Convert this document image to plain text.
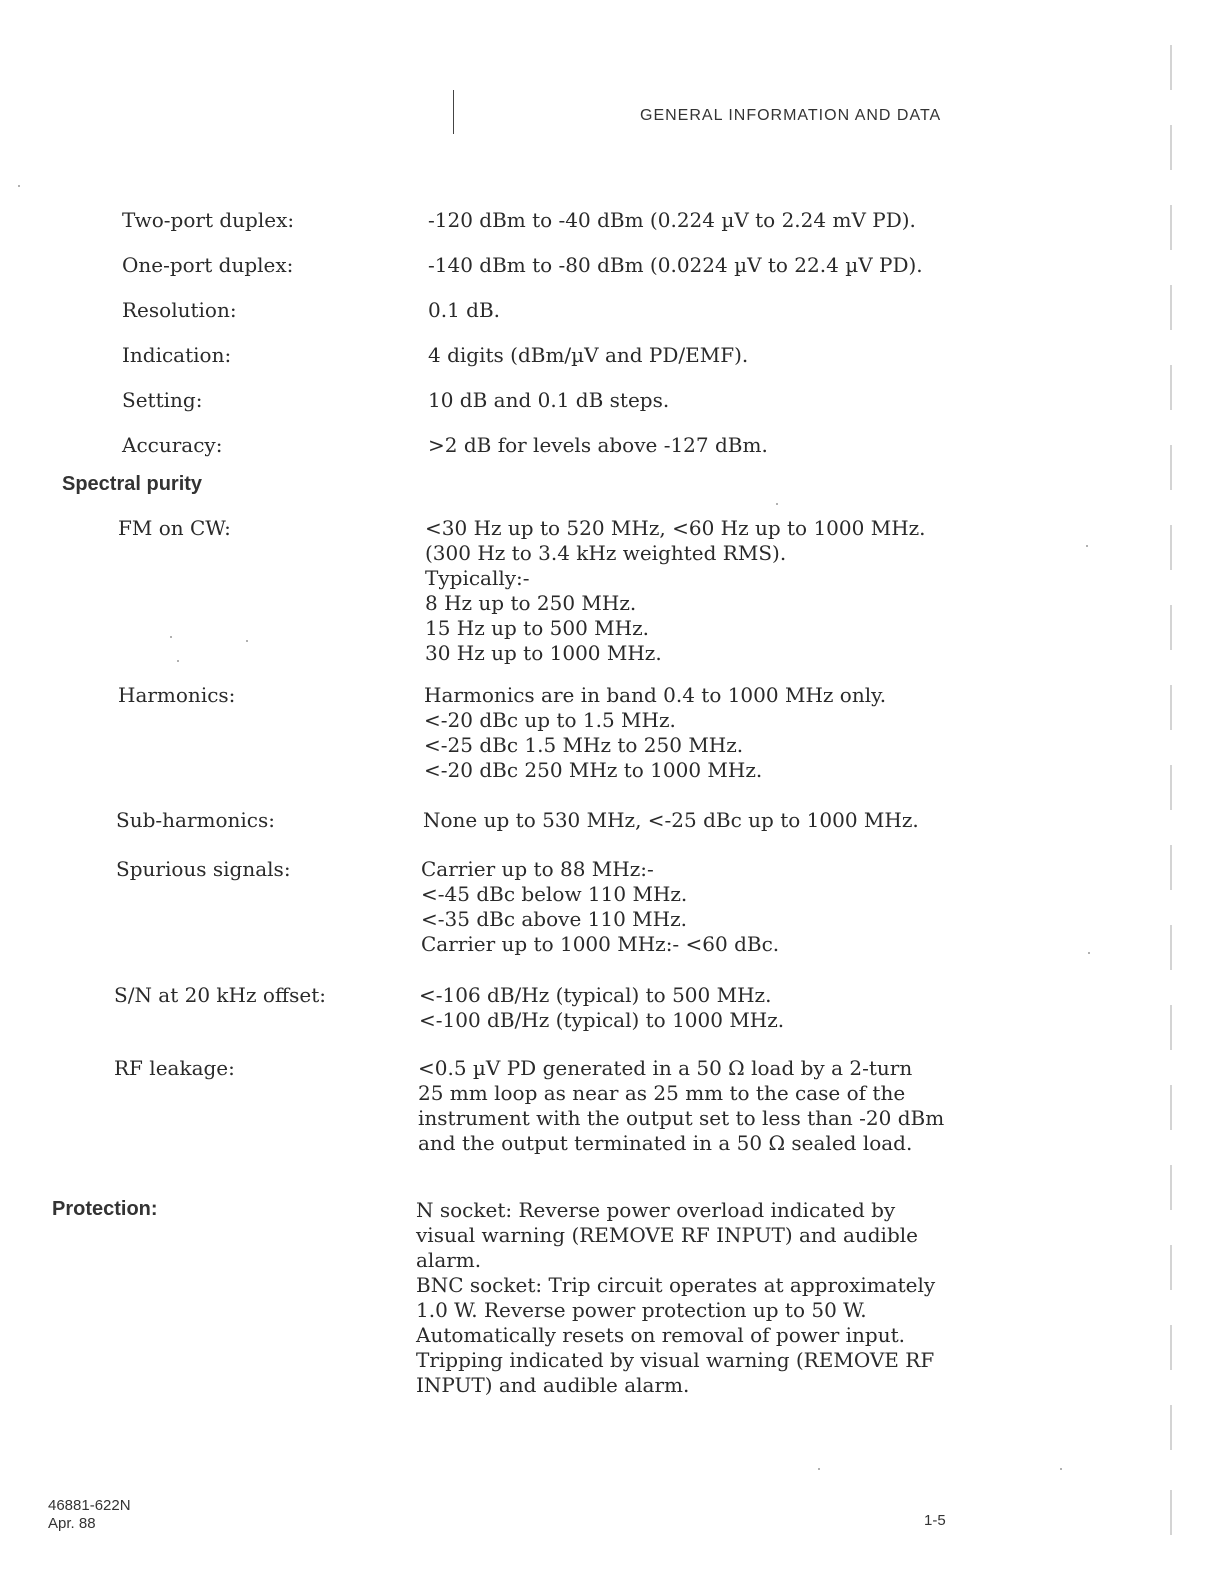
GENERAL INFORMATION AND DATA
Two-port duplex:	-120 dBm to -40 dBm (0.224 µV to 2.24 mV PD).
One-port duplex:	-140 dBm to -80 dBm (0.0224 µV to 22.4 µV PD).
Resolution:	0.1 dB.
Indication:	4 digits (dBm/µV and PD/EMF).
Setting:	10 dB and 0.1 dB steps.
Accuracy:	>2 dB for levels above -127 dBm.
Spectral purity
FM on CW:	<30 Hz up to 520 MHz, <60 Hz up to 1000 MHz.
(300 Hz to 3.4 kHz weighted RMS).
Typically:-
8 Hz up to 250 MHz.
15 Hz up to 500 MHz.
30 Hz up to 1000 MHz.
Harmonics:	Harmonics are in band 0.4 to 1000 MHz only.
<-20 dBc up to 1.5 MHz.
<-25 dBc 1.5 MHz to 250 MHz.
<-20 dBc 250 MHz to 1000 MHz.
Sub-harmonics:	None up to 530 MHz, <-25 dBc up to 1000 MHz.
Spurious signals:	Carrier up to 88 MHz:-
<-45 dBc below 110 MHz.
<-35 dBc above 110 MHz.
Carrier up to 1000 MHz:- <60 dBc.
S/N at 20 kHz offset:	<-106 dB/Hz (typical) to 500 MHz.
<-100 dB/Hz (typical) to 1000 MHz.
RF leakage:	<0.5 µV PD generated in a 50 Ω load by a 2-turn
25 mm loop as near as 25 mm to the case of the
instrument with the output set to less than -20 dBm
and the output terminated in a 50 Ω sealed load.
Protection:	N socket: Reverse power overload indicated by
visual warning (REMOVE RF INPUT) and audible
alarm.
BNC socket: Trip circuit operates at approximately
1.0 W. Reverse power protection up to 50 W.
Automatically resets on removal of power input.
Tripping indicated by visual warning (REMOVE RF
INPUT) and audible alarm.
46881-622N
Apr. 88	1-5
